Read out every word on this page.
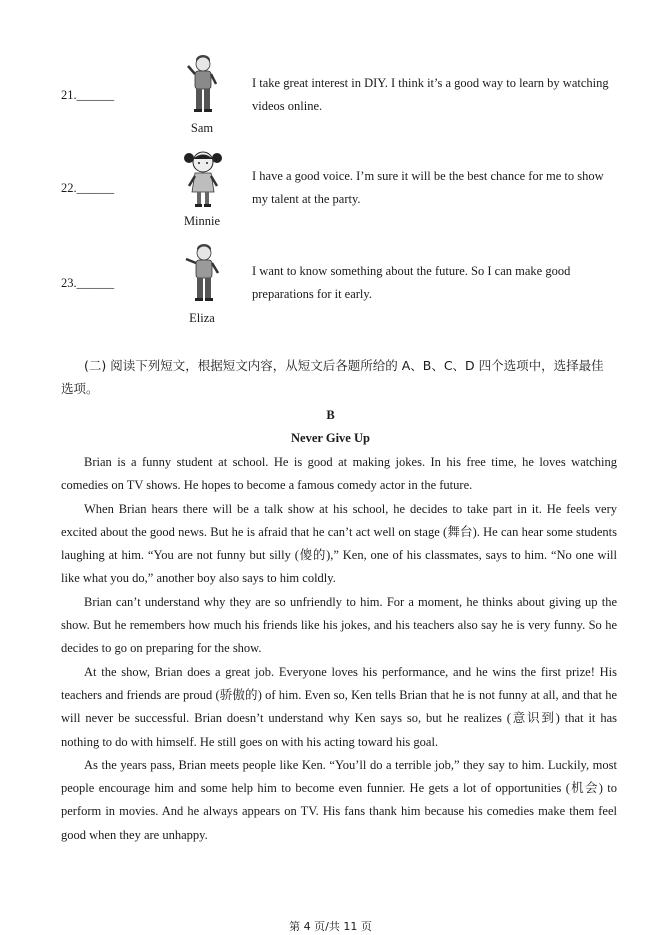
21.______
Sam
I take great interest in DIY. I think it’s a good way to learn by watching videos online.
22.______
Minnie
I have a good voice. I’m sure it will be the best chance for me to show my talent at the party.
23.______
Eliza
I want to know something about the future. So I can make good preparations for it early.
(二) 阅读下列短文，根据短文内容，从短文后各题所给的 A、B、C、D 四个选项中，选择最佳选项。
B
Never Give Up

Brian is a funny student at school. He is good at making jokes. In his free time, he loves watching comedies on TV shows. He hopes to become a famous comedy actor in the future.

When Brian hears there will be a talk show at his school, he decides to take part in it. He feels very excited about the good news. But he is afraid that he can’t act well on stage (舞台). He can hear some students laughing at him. “You are not funny but silly (傻的),” Ken, one of his classmates, says to him. “No one will like what you do,” another boy also says to him coldly.

Brian can’t understand why they are so unfriendly to him. For a moment, he thinks about giving up the show. But he remembers how much his friends like his jokes, and his teachers also say he is very funny. So he decides to go on preparing for the show.

At the show, Brian does a great job. Everyone loves his performance, and he wins the first prize! His teachers and friends are proud (骄傲的) of him. Even so, Ken tells Brian that he is not funny at all, and that he will never be successful. Brian doesn’t understand why Ken says so, but he realizes (意识到) that it has nothing to do with himself. He still goes on with his acting toward his goal.

As the years pass, Brian meets people like Ken. “You’ll do a terrible job,” they say to him. Luckily, most people encourage him and some help him to become even funnier. He gets a lot of opportunities (机会) to perform in movies. And he always appears on TV. His fans thank him because his comedies make them feel good when they are unhappy.

第 4 页/共 11 页
